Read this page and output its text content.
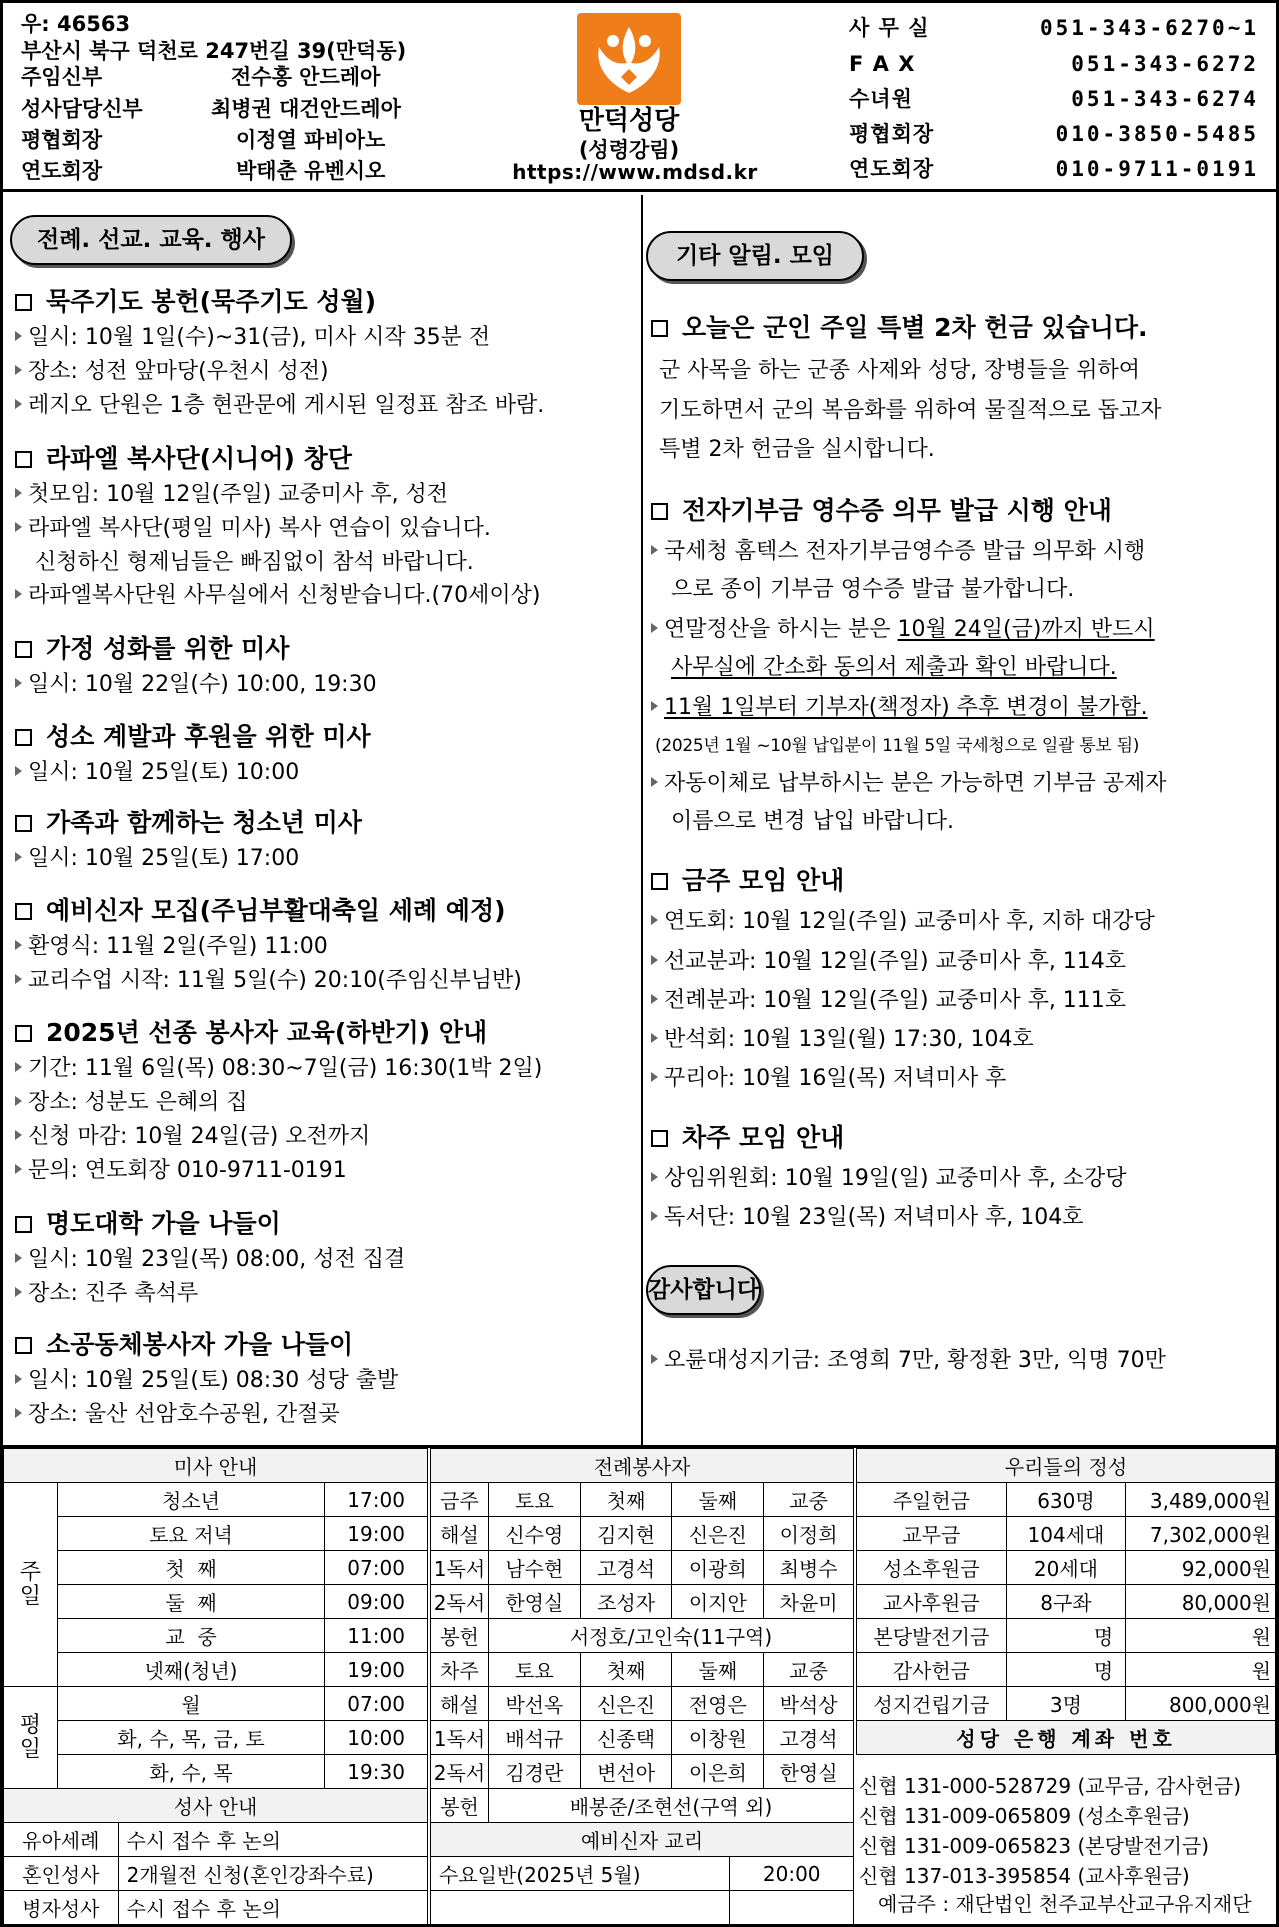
우: 46563
부산시 북구 덕천로 247번길 39(만덕동)
주임신부	전수홍 안드레아
성사담당신부	최병권 대건안드레아
평협회장	이정열 파비아노
연도회장	박태춘 유벤시오
만덕성당
(성령강림)
https://www.mdsd.kr
사 무 실	051-343-6270~1
F A X	051-343-6272
수녀원	051-343-6274
평협회장	010-3850-5485
연도회장	010-9711-0191
전례. 선교. 교육. 행사
묵주기도 봉헌(묵주기도 성월)
일시: 10월 1일(수)~31(금), 미사 시작 35분 전
장소: 성전 앞마당(우천시 성전)
레지오 단원은 1층 현관문에 게시된 일정표 참조 바람.
라파엘 복사단(시니어) 창단
첫모임: 10월 12일(주일) 교중미사 후, 성전
라파엘 복사단(평일 미사) 복사 연습이 있습니다.
신청하신 형제님들은 빠짐없이 참석 바랍니다.
라파엘복사단원 사무실에서 신청받습니다.(70세이상)
가정 성화를 위한 미사
일시: 10월 22일(수) 10:00, 19:30
성소 계발과 후원을 위한 미사
일시: 10월 25일(토) 10:00
가족과 함께하는 청소년 미사
일시: 10월 25일(토) 17:00
예비신자 모집(주님부활대축일 세례 예정)
환영식: 11월 2일(주일) 11:00
교리수업 시작: 11월 5일(수) 20:10(주임신부님반)
2025년 선종 봉사자 교육(하반기) 안내
기간: 11월 6일(목) 08:30~7일(금) 16:30(1박 2일)
장소: 성분도 은혜의 집
신청 마감: 10월 24일(금) 오전까지
문의: 연도회장 010-9711-0191
명도대학 가을 나들이
일시: 10월 23일(목) 08:00, 성전 집결
장소: 진주 촉석루
소공동체봉사자 가을 나들이
일시: 10월 25일(토) 08:30 성당 출발
장소: 울산 선암호수공원, 간절곶
기타 알림. 모임
오늘은 군인 주일 특별 2차 헌금 있습니다.
군 사목을 하는 군종 사제와 성당, 장병들을 위하여
기도하면서 군의 복음화를 위하여 물질적으로 돕고자
특별 2차 헌금을 실시합니다.
전자기부금 영수증 의무 발급 시행 안내
국세청 홈텍스 전자기부금영수증 발급 의무화 시행
으로 종이 기부금 영수증 발급 불가합니다.
연말정산을 하시는 분은 10월 24일(금)까지 반드시
사무실에 간소화 동의서 제출과 확인 바랍니다.
11월 1일부터 기부자(책정자) 추후 변경이 불가함.
(2025년 1월 ~10월 납입분이 11월 5일 국세청으로 일괄 통보 됨)
자동이체로 납부하시는 분은 가능하면 기부금 공제자
이름으로 변경 납입 바랍니다.
금주 모임 안내
연도회: 10월 12일(주일) 교중미사 후, 지하 대강당
선교분과: 10월 12일(주일) 교중미사 후, 114호
전례분과: 10월 12일(주일) 교중미사 후, 111호
반석회: 10월 13일(월) 17:30, 104호
꾸리아: 10월 16일(목) 저녁미사 후
차주 모임 안내
상임위원회: 10월 19일(일) 교중미사 후, 소강당
독서단: 10월 23일(목) 저녁미사 후, 104호
감사합니다
오륜대성지기금: 조영희 7만, 황정환 3만, 익명 70만
미사 안내		
주
일	청소년	17:00
	토요 저녁	19:00
	첫  째	07:00
	둘  째	09:00
	교  중	11:00
	넷째(청년)	19:00
평
일	월	07:00
	화, 수, 목, 금, 토	10:00
	화, 수, 목	19:30
성사 안내	
유아세례	수시 접수 후 논의
혼인성사	2개월전 신청(혼인강좌수료)
병자성사	수시 접수 후 논의
전례봉사자				
금주	토요	첫째	둘째	교중
해설	신수영	김지현	신은진	이정희
1독서	남수현	고경석	이광희	최병수
2독서	한영실	조성자	이지안	차윤미
봉헌	서정호/고인숙(11구역)			
차주	토요	첫째	둘째	교중
해설	박선옥	신은진	전영은	박석상
1독서	배석규	신종택	이창원	고경석
2독서	김경란	변선아	이은희	한영실
봉헌	배봉준/조현선(구역 외)			
예비신자 교리	
수요일반(2025년 5월)	20:00

우리들의 정성		
주일헌금	630명	3,489,000원
교무금	104세대	7,302,000원
성소후원금	20세대	92,000원
교사후원금	8구좌	80,000원
본당발전기금	명	원
감사헌금	명	원
성지건립기금	3명	800,000원
성당 은행 계좌 번호		
신협 131-000-528729 (교무금, 감사헌금)
신협 131-009-065809 (성소후원금)
신협 131-009-065823 (본당발전기금)
신협 137-013-395854 (교사후원금)
예금주 : 재단법인 천주교부산교구유지재단
